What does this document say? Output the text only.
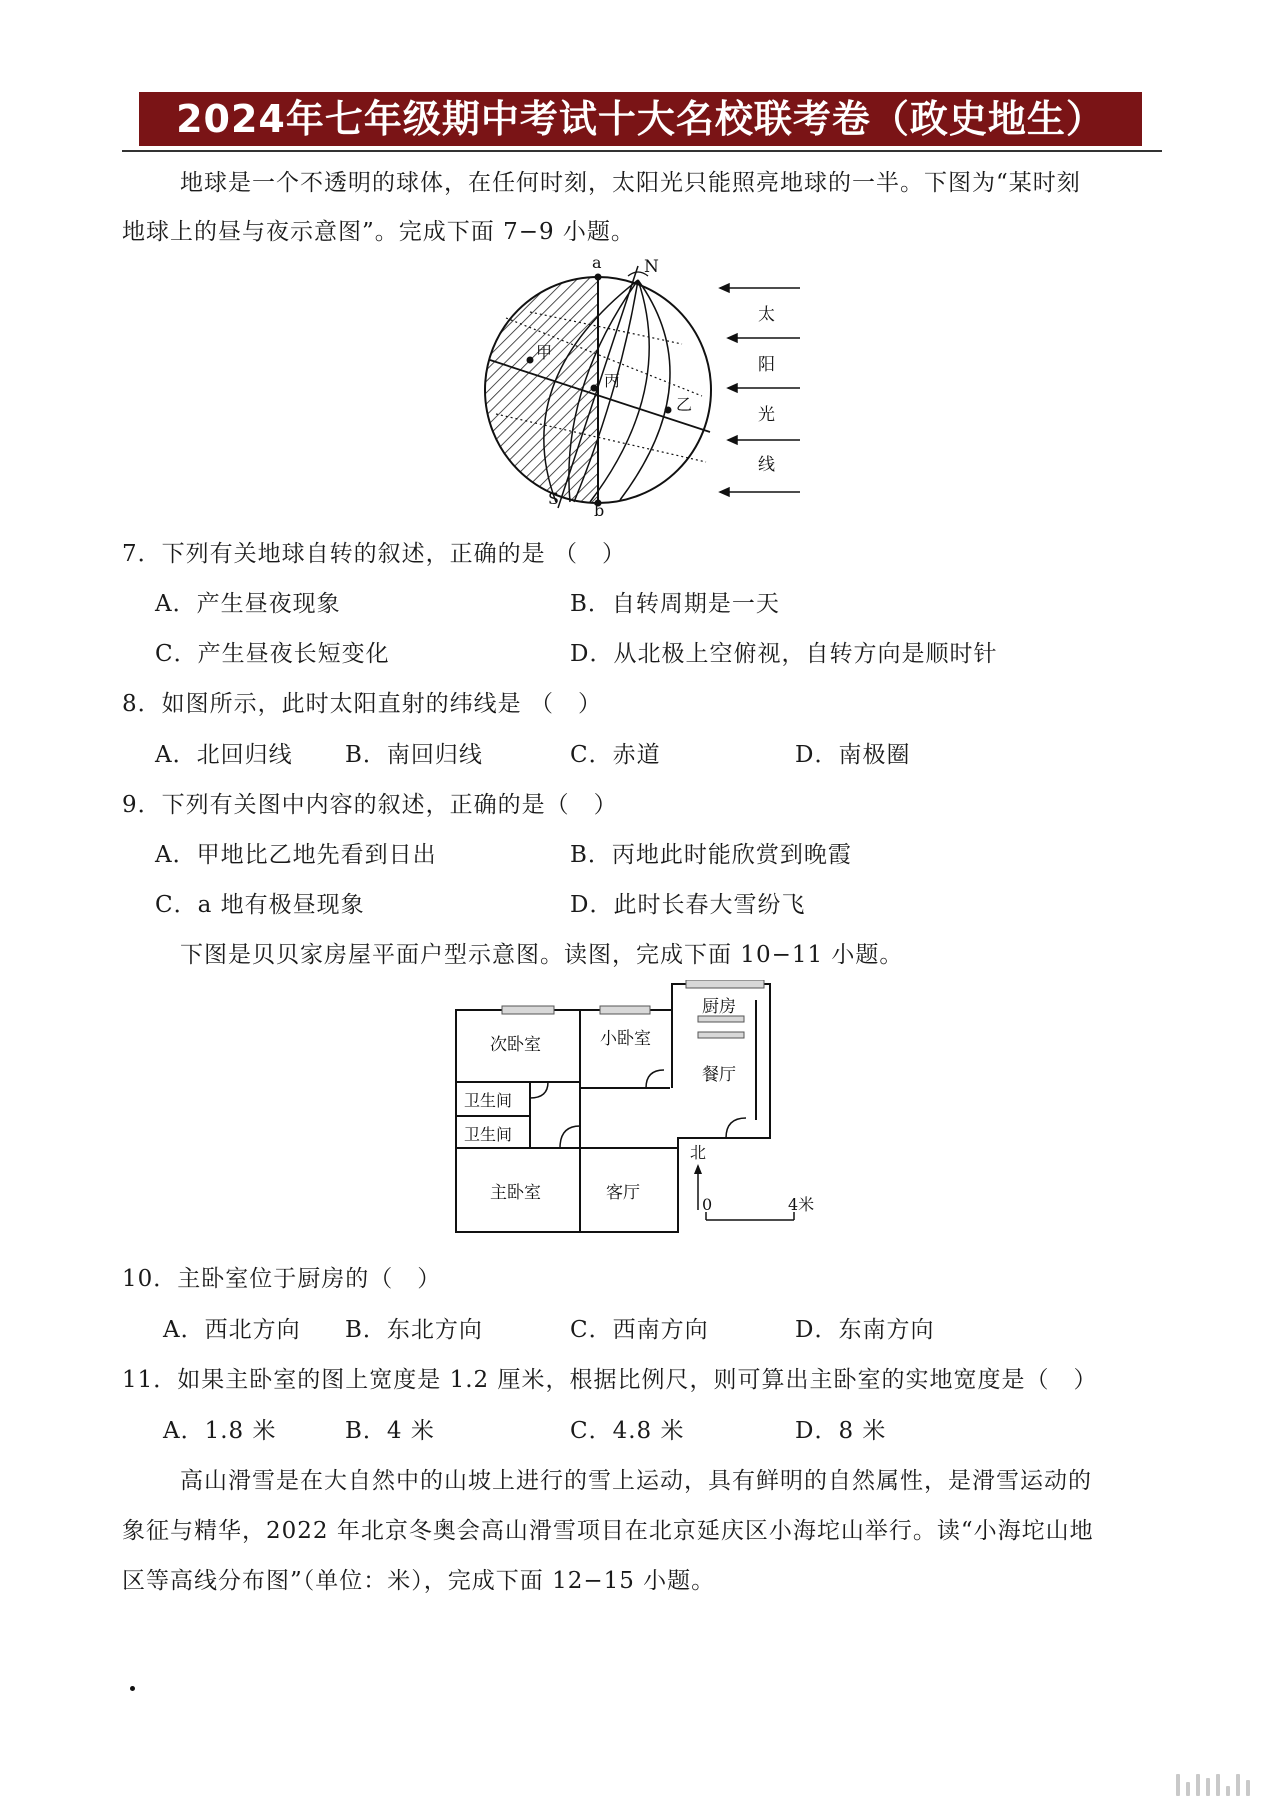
2024年七年级期中考试十大名校联考卷（政史地生）
地球是一个不透明的球体，在任何时刻，太阳光只能照亮地球的一半。下图为“某时刻
地球上的昼与夜示意图”。完成下面 7−9 小题。
a N
甲
丙
乙
S
b
太
阳
光
线
7．下列有关地球自转的叙述，正确的是 （　）
A．产生昼夜现象	B．自转周期是一天
C．产生昼夜长短变化	D．从北极上空俯视，自转方向是顺时针
8．如图所示，此时太阳直射的纬线是 （　）
A．北回归线 B．南回归线	C．赤道	D．南极圈
9．下列有关图中内容的叙述，正确的是（　）
A．甲地比乙地先看到日出	B．丙地此时能欣赏到晚霞
C．a 地有极昼现象	D．此时长春大雪纷飞
下图是贝贝家房屋平面户型示意图。读图，完成下面 10−11 小题。
次卧室	小卧室
厨房
餐厅
卫生间
卫生间
主卧室	客厅
北
0	4米
10．主卧室位于厨房的（　）
A．西北方向 B．东北方向	C．西南方向	D．东南方向
11．如果主卧室的图上宽度是 1.2 厘米，根据比例尺，则可算出主卧室的实地宽度是（　）
A．1.8 米	B．4 米	C．4.8 米	D．8 米
高山滑雪是在大自然中的山坡上进行的雪上运动，具有鲜明的自然属性，是滑雪运动的
象征与精华，2022 年北京冬奥会高山滑雪项目在北京延庆区小海坨山举行。读“小海坨山地
区等高线分布图”（单位：米），完成下面 12−15 小题。
